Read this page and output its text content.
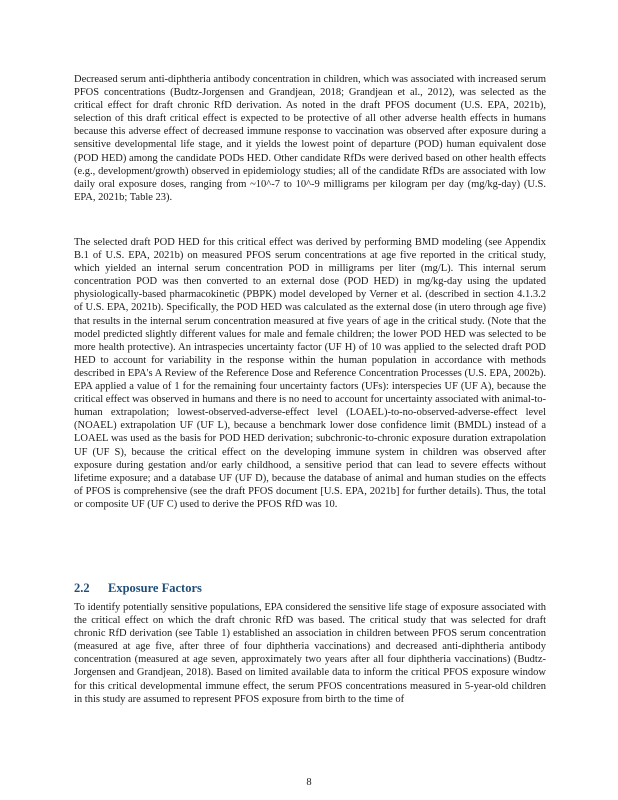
Decreased serum anti-diphtheria antibody concentration in children, which was associated with increased serum PFOS concentrations (Budtz-Jorgensen and Grandjean, 2018; Grandjean et al., 2012), was selected as the critical effect for draft chronic RfD derivation. As noted in the draft PFOS document (U.S. EPA, 2021b), selection of this draft critical effect is expected to be protective of all other adverse health effects in humans because this adverse effect of decreased immune response to vaccination was observed after exposure during a sensitive developmental life stage, and it yields the lowest point of departure (POD) human equivalent dose (POD HED) among the candidate PODs HED. Other candidate RfDs were derived based on other health effects (e.g., development/growth) observed in epidemiology studies; all of the candidate RfDs are associated with low daily oral exposure doses, ranging from ~10^-7 to 10^-9 milligrams per kilogram per day (mg/kg-day) (U.S. EPA, 2021b; Table 23).

The selected draft POD HED for this critical effect was derived by performing BMD modeling (see Appendix B.1 of U.S. EPA, 2021b) on measured PFOS serum concentrations at age five reported in the critical study, which yielded an internal serum concentration POD in milligrams per liter (mg/L). This internal serum concentration POD was then converted to an external dose (POD HED) in mg/kg-day using the updated physiologically-based pharmacokinetic (PBPK) model developed by Verner et al. (described in section 4.1.3.2 of U.S. EPA, 2021b). Specifically, the POD HED was calculated as the external dose (in utero through age five) that results in the internal serum concentration measured at five years of age in the critical study. (Note that the model predicted slightly different values for male and female children; the lower POD HED was selected to be more health protective). An intraspecies uncertainty factor (UF H) of 10 was applied to the selected draft POD HED to account for variability in the response within the human population in accordance with methods described in EPA's A Review of the Reference Dose and Reference Concentration Processes (U.S. EPA, 2002b). EPA applied a value of 1 for the remaining four uncertainty factors (UFs): interspecies UF (UF A), because the critical effect was observed in humans and there is no need to account for uncertainty associated with animal-to-human extrapolation; lowest-observed-adverse-effect level (LOAEL)-to-no-observed-adverse-effect level (NOAEL) extrapolation UF (UF L), because a benchmark lower dose confidence limit (BMDL) instead of a LOAEL was used as the basis for POD HED derivation; subchronic-to-chronic exposure duration extrapolation UF (UF S), because the critical effect on the developing immune system in children was observed after exposure during gestation and/or early childhood, a sensitive period that can lead to severe effects without lifetime exposure; and a database UF (UF D), because the database of animal and human studies on the effects of PFOS is comprehensive (see the draft PFOS document [U.S. EPA, 2021b] for further details). Thus, the total or composite UF (UF C) used to derive the PFOS RfD was 10.

2.2 Exposure Factors

To identify potentially sensitive populations, EPA considered the sensitive life stage of exposure associated with the critical effect on which the draft chronic RfD was based. The critical study that was selected for draft chronic RfD derivation (see Table 1) established an association in children between PFOS serum concentration (measured at age five, after three of four diphtheria vaccinations) and decreased anti-diphtheria antibody concentration (measured at age seven, approximately two years after all four diphtheria vaccinations) (Budtz-Jorgensen and Grandjean, 2018). Based on limited available data to inform the critical PFOS exposure window for this critical developmental immune effect, the serum PFOS concentrations measured in 5-year-old children in this study are assumed to represent PFOS exposure from birth to the time of

8
